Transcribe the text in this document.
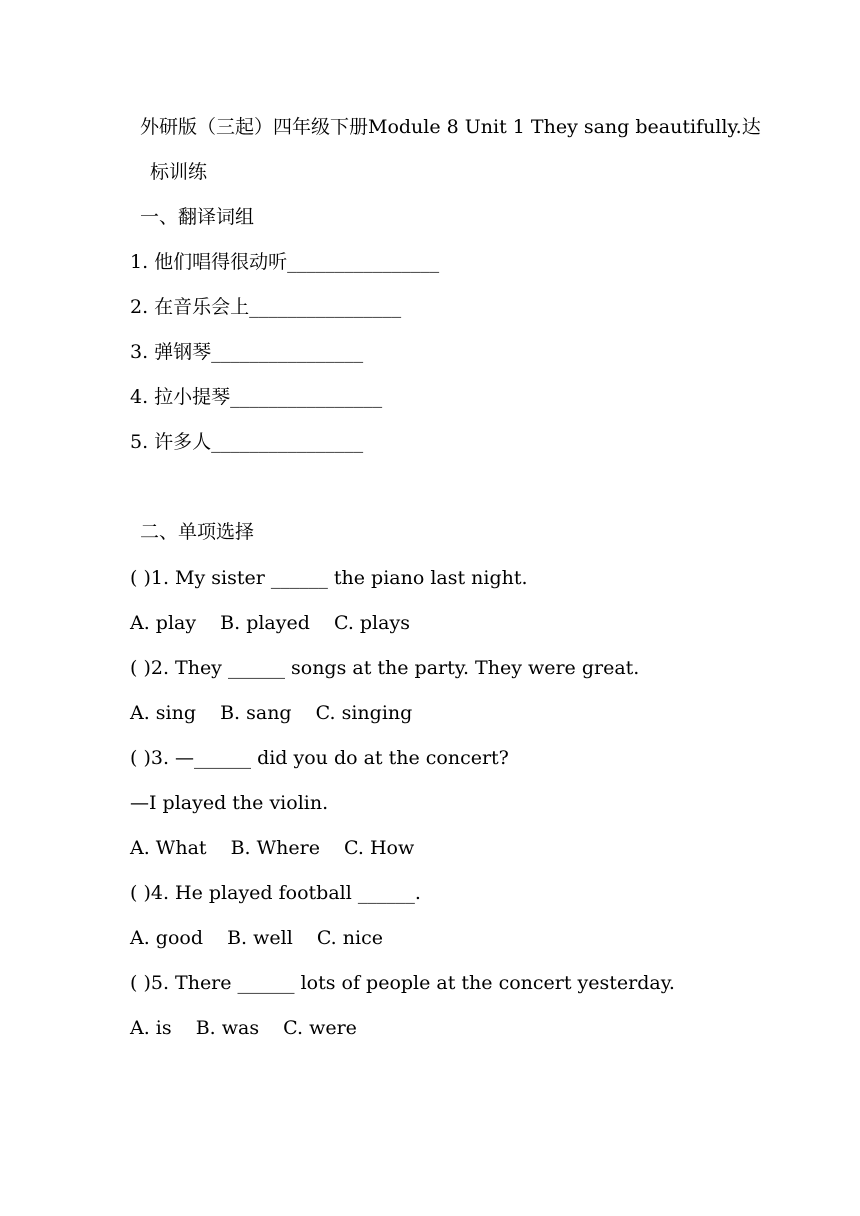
外研版（三起）四年级下册Module 8 Unit 1 They sang beautifully.达
标训练
一、翻译词组
1. 他们唱得很动听________________
2. 在音乐会上________________
3. 弹钢琴________________
4. 拉小提琴________________
5. 许多人________________
二、单项选择
( )1. My sister ______ the piano last night.
A. play B. played C. plays
( )2. They ______ songs at the party. They were great.
A. sing B. sang C. singing
( )3. —______ did you do at the concert?
—I played the violin.
A. What B. Where C. How
( )4. He played football ______.
A. good B. well C. nice
( )5. There ______ lots of people at the concert yesterday.
A. is B. was C. were
